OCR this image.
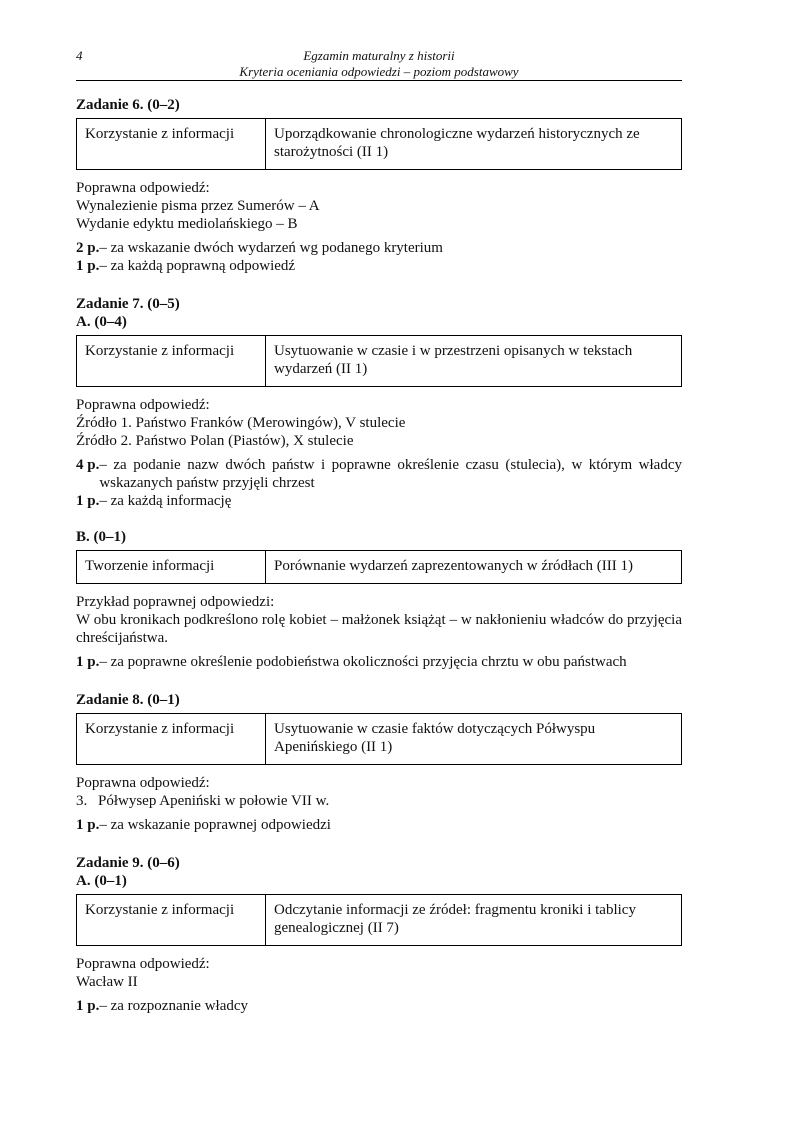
4	Egzamin maturalny z historii
Kryteria oceniania odpowiedzi – poziom podstawowy
Zadanie 6. (0–2)
Korzystanie z informacji	Uporządkowanie chronologiczne wydarzeń historycznych ze starożytności (II 1)

Poprawna odpowiedź:

Wynalezienie pisma przez Sumerów – A

Wydanie edyktu mediolańskiego – B

2 p. – za wskazanie dwóch wydarzeń wg podanego kryterium
1 p. – za każdą poprawną odpowiedź
Zadanie 7. (0–5)
A. (0–4)
Korzystanie z informacji	Usytuowanie w czasie i w przestrzeni opisanych w tekstach wydarzeń (II 1)

Poprawna odpowiedź:

Źródło 1. Państwo Franków (Merowingów), V stulecie

Źródło 2. Państwo Polan (Piastów), X stulecie

4 p. – za podanie nazw dwóch państw i poprawne określenie czasu (stulecia), w którym władcy wskazanych państw przyjęli chrzest
1 p. – za każdą informację
B. (0–1)
Tworzenie informacji	Porównanie wydarzeń zaprezentowanych w źródłach (III 1)

Przykład poprawnej odpowiedzi:

W obu kronikach podkreślono rolę kobiet – małżonek książąt – w nakłonieniu władców do przyjęcia chreścijaństwa.

1 p. – za poprawne określenie podobieństwa okoliczności przyjęcia chrztu w obu państwach
Zadanie 8. (0–1)
Korzystanie z informacji	Usytuowanie w czasie faktów dotyczących Półwyspu Apenińskiego (II 1)

Poprawna odpowiedź:

3. Półwysep Apeniński w połowie VII w.
1 p. – za wskazanie poprawnej odpowiedzi
Zadanie 9. (0–6)
A. (0–1)
Korzystanie z informacji	Odczytanie informacji ze źródeł: fragmentu kroniki i tablicy genealogicznej (II 7)

Poprawna odpowiedź:

Wacław II

1 p. – za rozpoznanie władcy
